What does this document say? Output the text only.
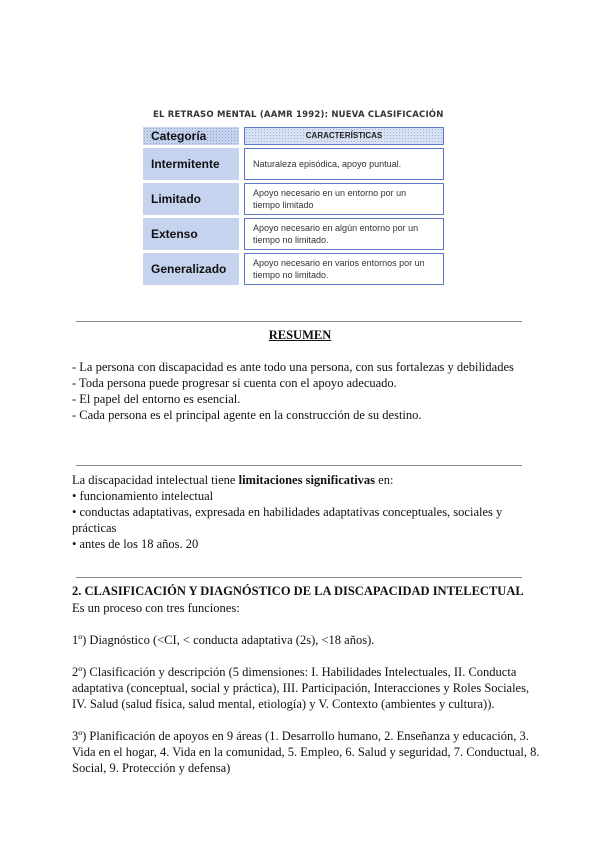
EL RETRASO MENTAL (AAMR 1992): NUEVA CLASIFICACIÓN
Categoría	CARACTERÍSTICAS
Intermitente	Naturaleza episódica, apoyo puntual.
Limitado	Apoyo necesario en un entorno por un tiempo limitado
Extenso	Apoyo necesario en algún entorno por un tiempo no limitado.
Generalizado	Apoyo necesario en varios entornos por un tiempo no limitado.
RESUMEN
- La persona con discapacidad es ante todo una persona, con sus fortalezas y debilidades
- Toda persona puede progresar si cuenta con el apoyo adecuado.
- El papel del entorno es esencial.
- Cada persona es el principal agente en la construcción de su destino.
La discapacidad intelectual tiene limitaciones significativas en:
• funcionamiento intelectual
• conductas adaptativas, expresada en habilidades adaptativas conceptuales, sociales y
prácticas
• antes de los 18 años. 20
2. CLASIFICACIÓN Y DIAGNÓSTICO DE LA DISCAPACIDAD INTELECTUAL
Es un proceso con tres funciones:
1º) Diagnóstico (<CI, < conducta adaptativa (2s), <18 años).
2º) Clasificación y descripción (5 dimensiones: I. Habilidades Intelectuales, II. Conducta
adaptativa (conceptual, social y práctica), III. Participación, Interacciones y Roles Sociales,
IV. Salud (salud física, salud mental, etiología) y V. Contexto (ambientes y cultura)).
3º) Planificación de apoyos en 9 áreas (1. Desarrollo humano, 2. Enseñanza y educación, 3.
Vida en el hogar, 4. Vida en la comunidad, 5. Empleo, 6. Salud y seguridad, 7. Conductual, 8.
Social, 9. Protección y defensa)
